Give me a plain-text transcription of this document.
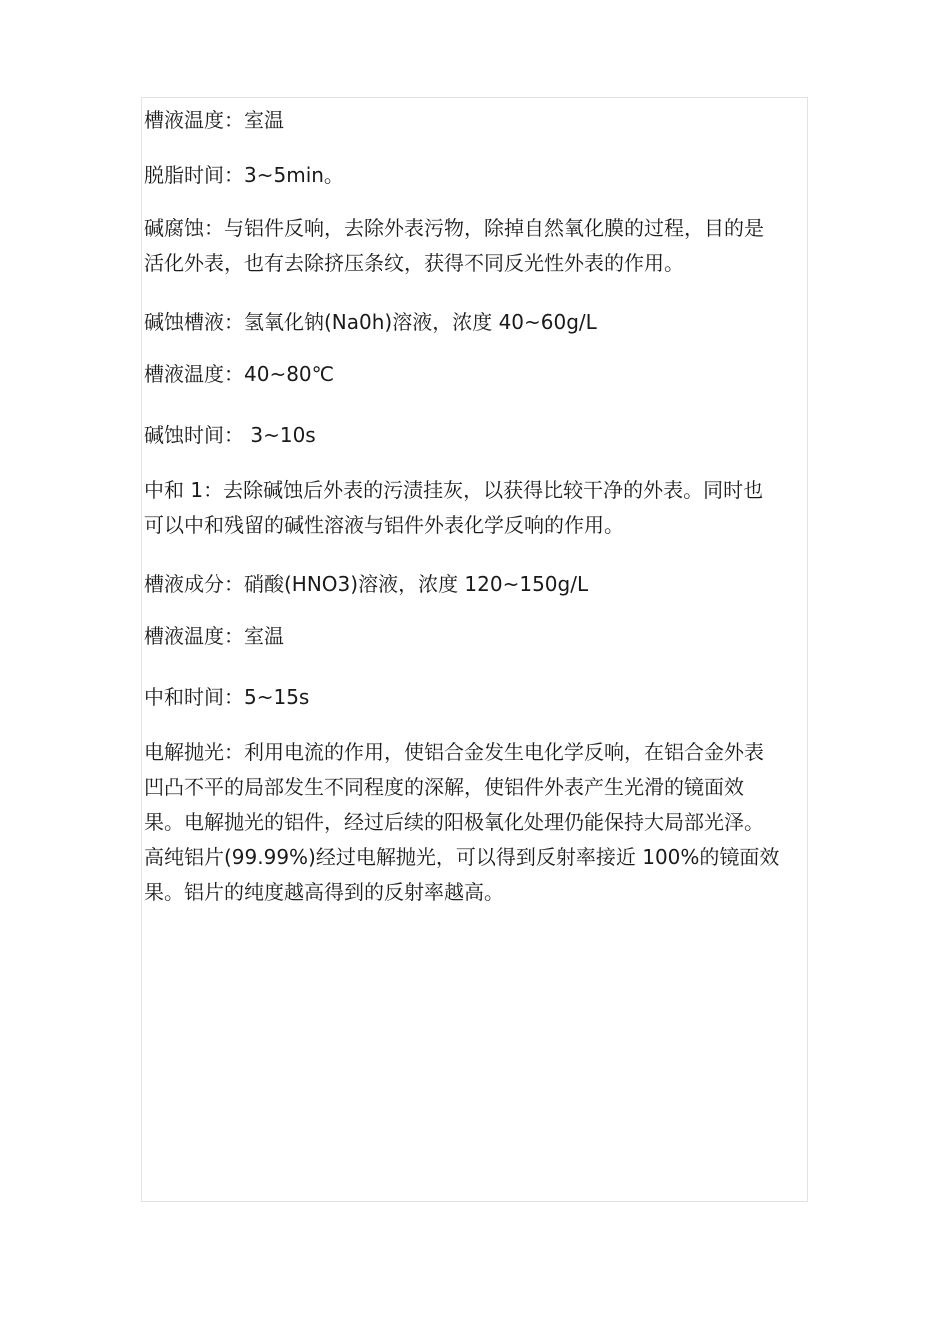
槽液温度：室温

脱脂时间：3~5min。

碱腐蚀：与铝件反响，去除外表污物，除掉自然氧化膜的过程，目的是
活化外表，也有去除挤压条纹，获得不同反光性外表的作用。

碱蚀槽液：氢氧化钠(Na0h)溶液，浓度 40~60g/L

槽液温度：40~80℃

碱蚀时间： 3~10s

中和 1：去除碱蚀后外表的污渍挂灰，以获得比较干净的外表。同时也
可以中和残留的碱性溶液与铝件外表化学反响的作用。

槽液成分：硝酸(HNO3)溶液，浓度 120~150g/L

槽液温度：室温

中和时间：5~15s

电解抛光：利用电流的作用，使铝合金发生电化学反响，在铝合金外表
凹凸不平的局部发生不同程度的深解，使铝件外表产生光滑的镜面效
果。电解抛光的铝件，经过后续的阳极氧化处理仍能保持大局部光泽。
高纯铝片(99.99%)经过电解抛光，可以得到反射率接近 100%的镜面效
果。铝片的纯度越高得到的反射率越高。
